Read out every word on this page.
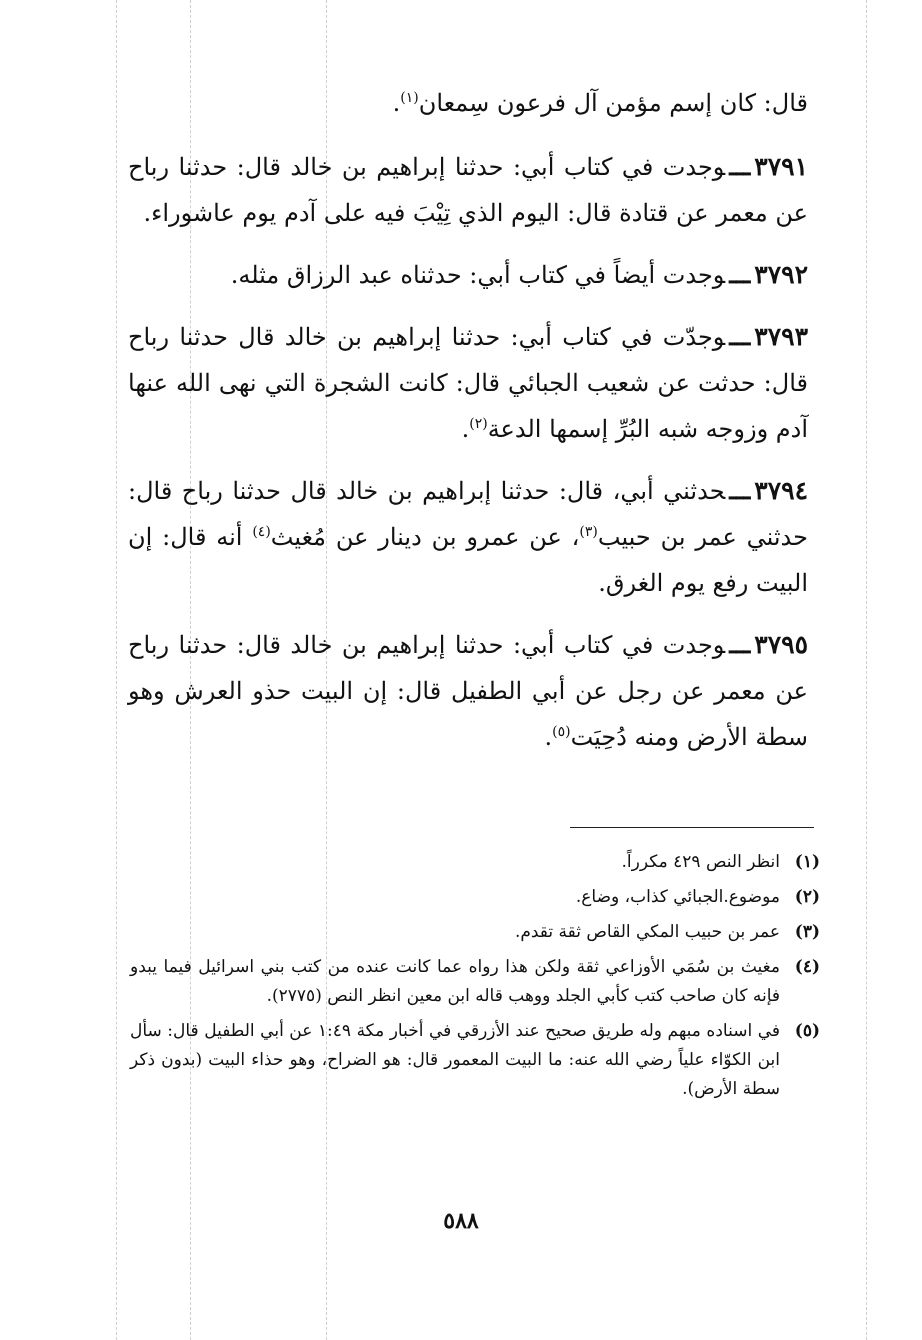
قال: كان إسم مؤمن آل فرعون سِمعان$^{(١)}$.

٣٧٩١ـــوجدت في كتاب أبي: حدثنا إبراهيم بن خالد قال: حدثنا رباح عن معمر عن قتادة قال: اليوم الذي تِيْبَ فيه على آدم يوم عاشوراء.

٣٧٩٢ـــوجدت أيضاً في كتاب أبي: حدثناه عبد الرزاق مثله.

٣٧٩٣ـــوجدّت في كتاب أبي: حدثنا إبراهيم بن خالد قال حدثنا رباح قال: حدثت عن شعيب الجبائي قال: كانت الشجرة التي نهى الله عنها آدم وزوجه شبه البُرِّ إسمها الدعة$^{(٢)}$.

٣٧٩٤ـــحدثني أبي، قال: حدثنا إبراهيم بن خالد قال حدثنا رباح قال: حدثني عمر بن حبيب$^{(٣)}$، عن عمرو بن دينار عن مُغيث$^{(٤)}$ أنه قال: إن البيت رفع يوم الغرق.

٣٧٩٥ـــوجدت في كتاب أبي: حدثنا إبراهيم بن خالد قال: حدثنا رباح عن معمر عن رجل عن أبي الطفيل قال: إن البيت حذو العرش وهو سطة الأرض ومنه دُحِيَت$^{(٥)}$.

(١)
انظر النص ٤٢٩ مكرراً.
(٢)
موضوع.الجبائي كذاب، وضاع.
(٣)
عمر بن حبيب المكي القاص ثقة تقدم.
(٤)
مغيث بن سُمَي الأوزاعي ثقة ولكن هذا رواه عما كانت عنده من كتب بني اسرائيل فيما يبدو فإنه كان صاحب كتب كأبي الجلد ووهب قاله ابن معين انظر النص (٢٧٧٥).
(٥)
في اسناده مبهم وله طريق صحيح عند الأزرقي في أخبار مكة ١:٤٩ عن أبي الطفيل قال: سأل ابن الكوّاء علياً رضي الله عنه: ما البيت المعمور قال: هو الضراح، وهو حذاء البيت (بدون ذكر سطة الأرض).
٥٨٨
